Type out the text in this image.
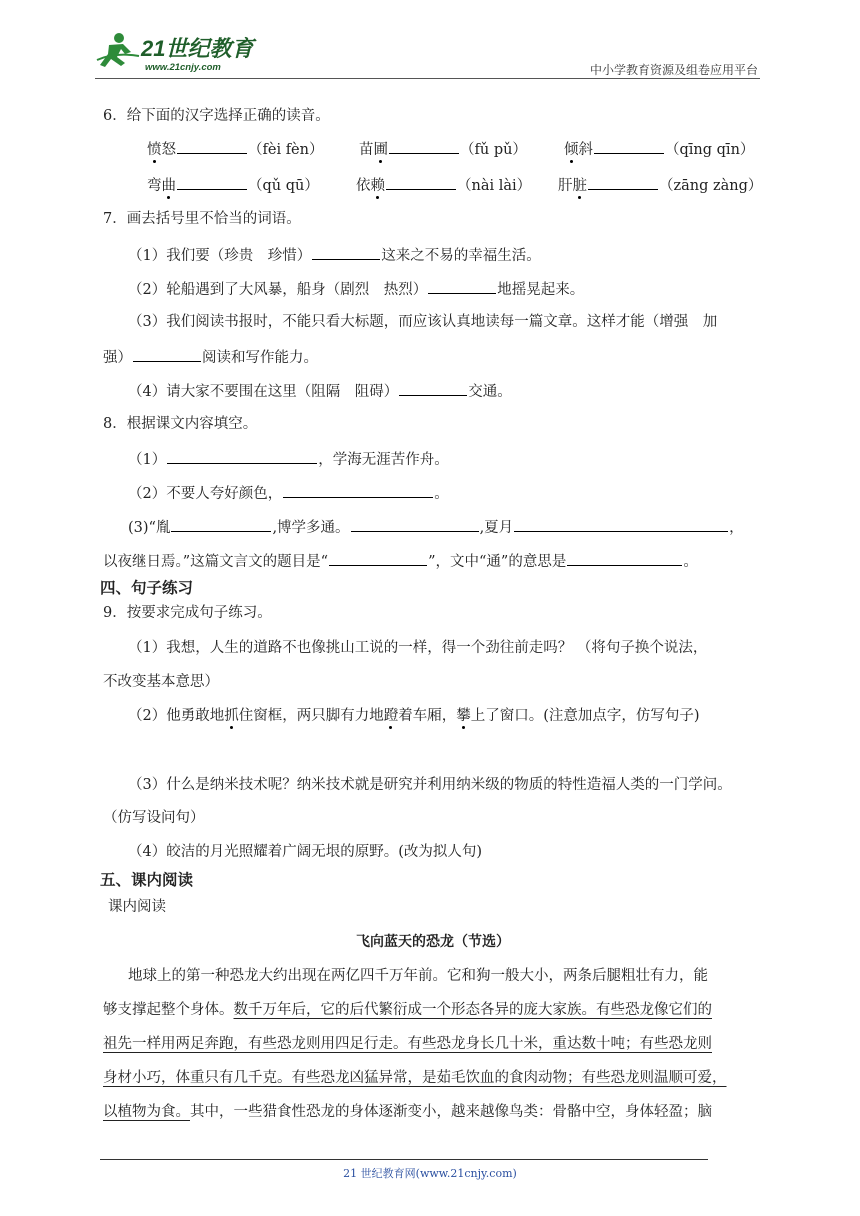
21世纪教育
www.21cnjy.com	中小学教育资源及组卷应用平台
6．给下面的汉字选择正确的读音。
愤怒	（fèi fèn） 苗圃	（fǔ pǔ）	倾斜	（qīng qīn）
弯曲	（qǔ qū）	依赖	（nài lài） 肝脏	（zāng zàng）
7．画去括号里不恰当的词语。
（1）我们要（珍贵　珍惜）	这来之不易的幸福生活。
（2）轮船遇到了大风暴，船身（剧烈　热烈）	地摇晃起来。
（3）我们阅读书报时，不能只看大标题，而应该认真地读每一篇文章。这样才能（增强　加
强）	阅读和写作能力。
（4）请大家不要围在这里（阻隔　阻碍）	交通。
8．根据课文内容填空。
（1）	，学海无涯苦作舟。
（2）不要人夸好颜色，	。
(3)“胤	,博学多通。	,夏月	，
以夜继日焉。”这篇文言文的题目是“	”，文中“通”的意思是	。
四、句子练习
9．按要求完成句子练习。
（1）我想，人生的道路不也像挑山工说的一样，得一个劲往前走吗？ （将句子换个说法，
不改变基本意思）
（2）他勇敢地抓住窗框，两只脚有力地蹬着车厢，攀上了窗口。(注意加点字，仿写句子)
（3）什么是纳米技术呢？纳米技术就是研究并利用纳米级的物质的特性造福人类的一门学问。
（仿写设问句）
（4）皎洁的月光照耀着广阔无垠的原野。(改为拟人句)
五、课内阅读
课内阅读
飞向蓝天的恐龙（节选）
地球上的第一种恐龙大约出现在两亿四千万年前。它和狗一般大小，两条后腿粗壮有力，能
够支撑起整个身体。数千万年后，它的后代繁衍成一个形态各异的庞大家族。有些恐龙像它们的
祖先一样用两足奔跑，有些恐龙则用四足行走。有些恐龙身长几十米，重达数十吨；有些恐龙则
身材小巧，体重只有几千克。有些恐龙凶猛异常，是茹毛饮血的食肉动物；有些恐龙则温顺可爱，
以植物为食。其中，一些猎食性恐龙的身体逐渐变小，越来越像鸟类：骨骼中空，身体轻盈；脑
21 世纪教育网(www.21cnjy.com)
